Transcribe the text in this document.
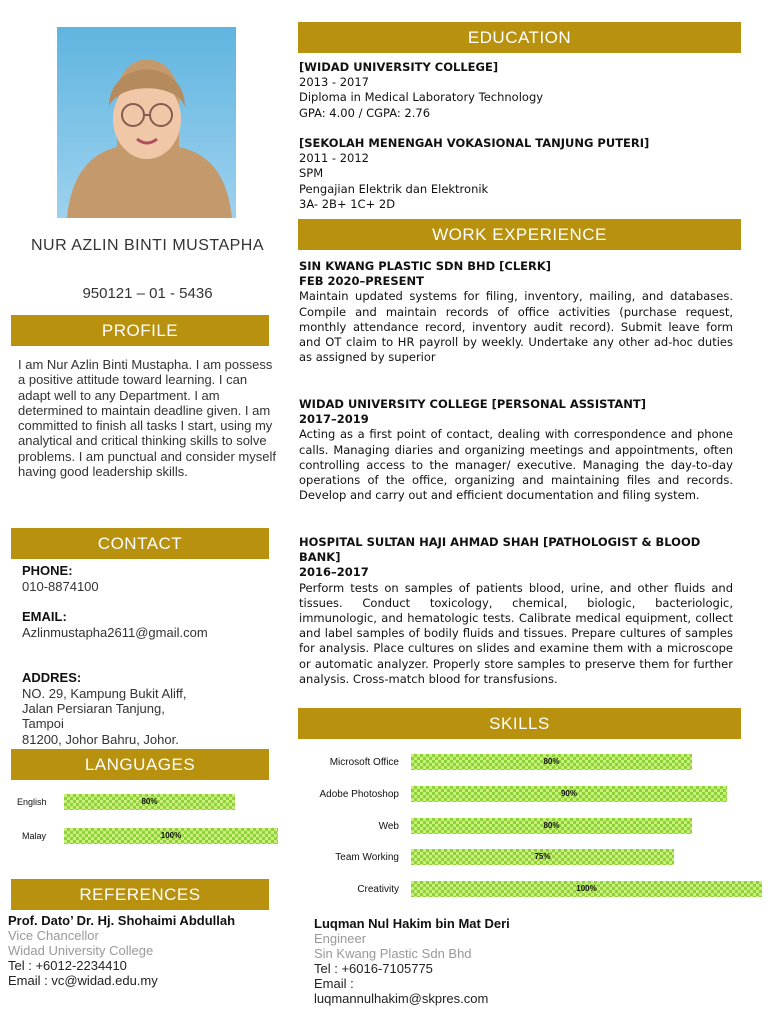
NUR AZLIN BINTI MUSTAPHA
950121 – 01 - 5436
PROFILE
I am Nur Azlin Binti Mustapha. I am possess a positive attitude toward learning. I can adapt well to any Department. I am determined to maintain deadline given. I am committed to finish all tasks I start, using my analytical and critical thinking skills to solve problems. I am punctual and consider myself having good leadership skills.
CONTACT
PHONE:
010-8874100
EMAIL:
Azlinmustapha2611@gmail.com
ADDRES:
NO. 29, Kampung Bukit Aliff,
Jalan Persiaran Tanjung,
Tampoi
81200, Johor Bahru, Johor.
LANGUAGES
English	80%
Malay	100%
REFERENCES
Prof. Dato’ Dr. Hj. Shohaimi Abdullah
Vice Chancellor
Widad University College
Tel : +6012-2234410
Email : vc@widad.edu.my
EDUCATION
[WIDAD UNIVERSITY COLLEGE]
2013 - 2017
Diploma in Medical Laboratory Technology
GPA: 4.00 / CGPA: 2.76
[SEKOLAH MENENGAH VOKASIONAL TANJUNG PUTERI]
2011 - 2012
SPM
Pengajian Elektrik dan Elektronik
3A- 2B+ 1C+ 2D
WORK EXPERIENCE
SIN KWANG PLASTIC SDN BHD [CLERK]
FEB 2020–PRESENT
Maintain updated systems for filing, inventory, mailing, and databases. Compile and maintain records of office activities (purchase request, monthly attendance record, inventory audit record). Submit leave form and OT claim to HR payroll by weekly. Undertake any other ad-hoc duties as assigned by superior
WIDAD UNIVERSITY COLLEGE [PERSONAL ASSISTANT]
2017–2019
Acting as a first point of contact, dealing with correspondence and phone calls. Managing diaries and organizing meetings and appointments, often controlling access to the manager/ executive. Managing the day-to-day operations of the office, organizing and maintaining files and records. Develop and carry out and efficient documentation and filing system.
HOSPITAL SULTAN HAJI AHMAD SHAH [PATHOLOGIST & BLOOD BANK]
2016–2017
Perform tests on samples of patients blood, urine, and other fluids and tissues. Conduct toxicology, chemical, biologic, bacteriologic, immunologic, and hematologic tests. Calibrate medical equipment, collect and label samples of bodily fluids and tissues. Prepare cultures of samples for analysis. Place cultures on slides and examine them with a microscope or automatic analyzer. Properly store samples to preserve them for further analysis. Cross-match blood for transfusions.
SKILLS
Microsoft Office	80%
Adobe Photoshop	90%
Web	80%
Team Working	75%
Creativity	100%
Luqman Nul Hakim bin Mat Deri
Engineer
Sin Kwang Plastic Sdn Bhd
Tel : +6016-7105775
Email :
luqmannulhakim@skpres.com
